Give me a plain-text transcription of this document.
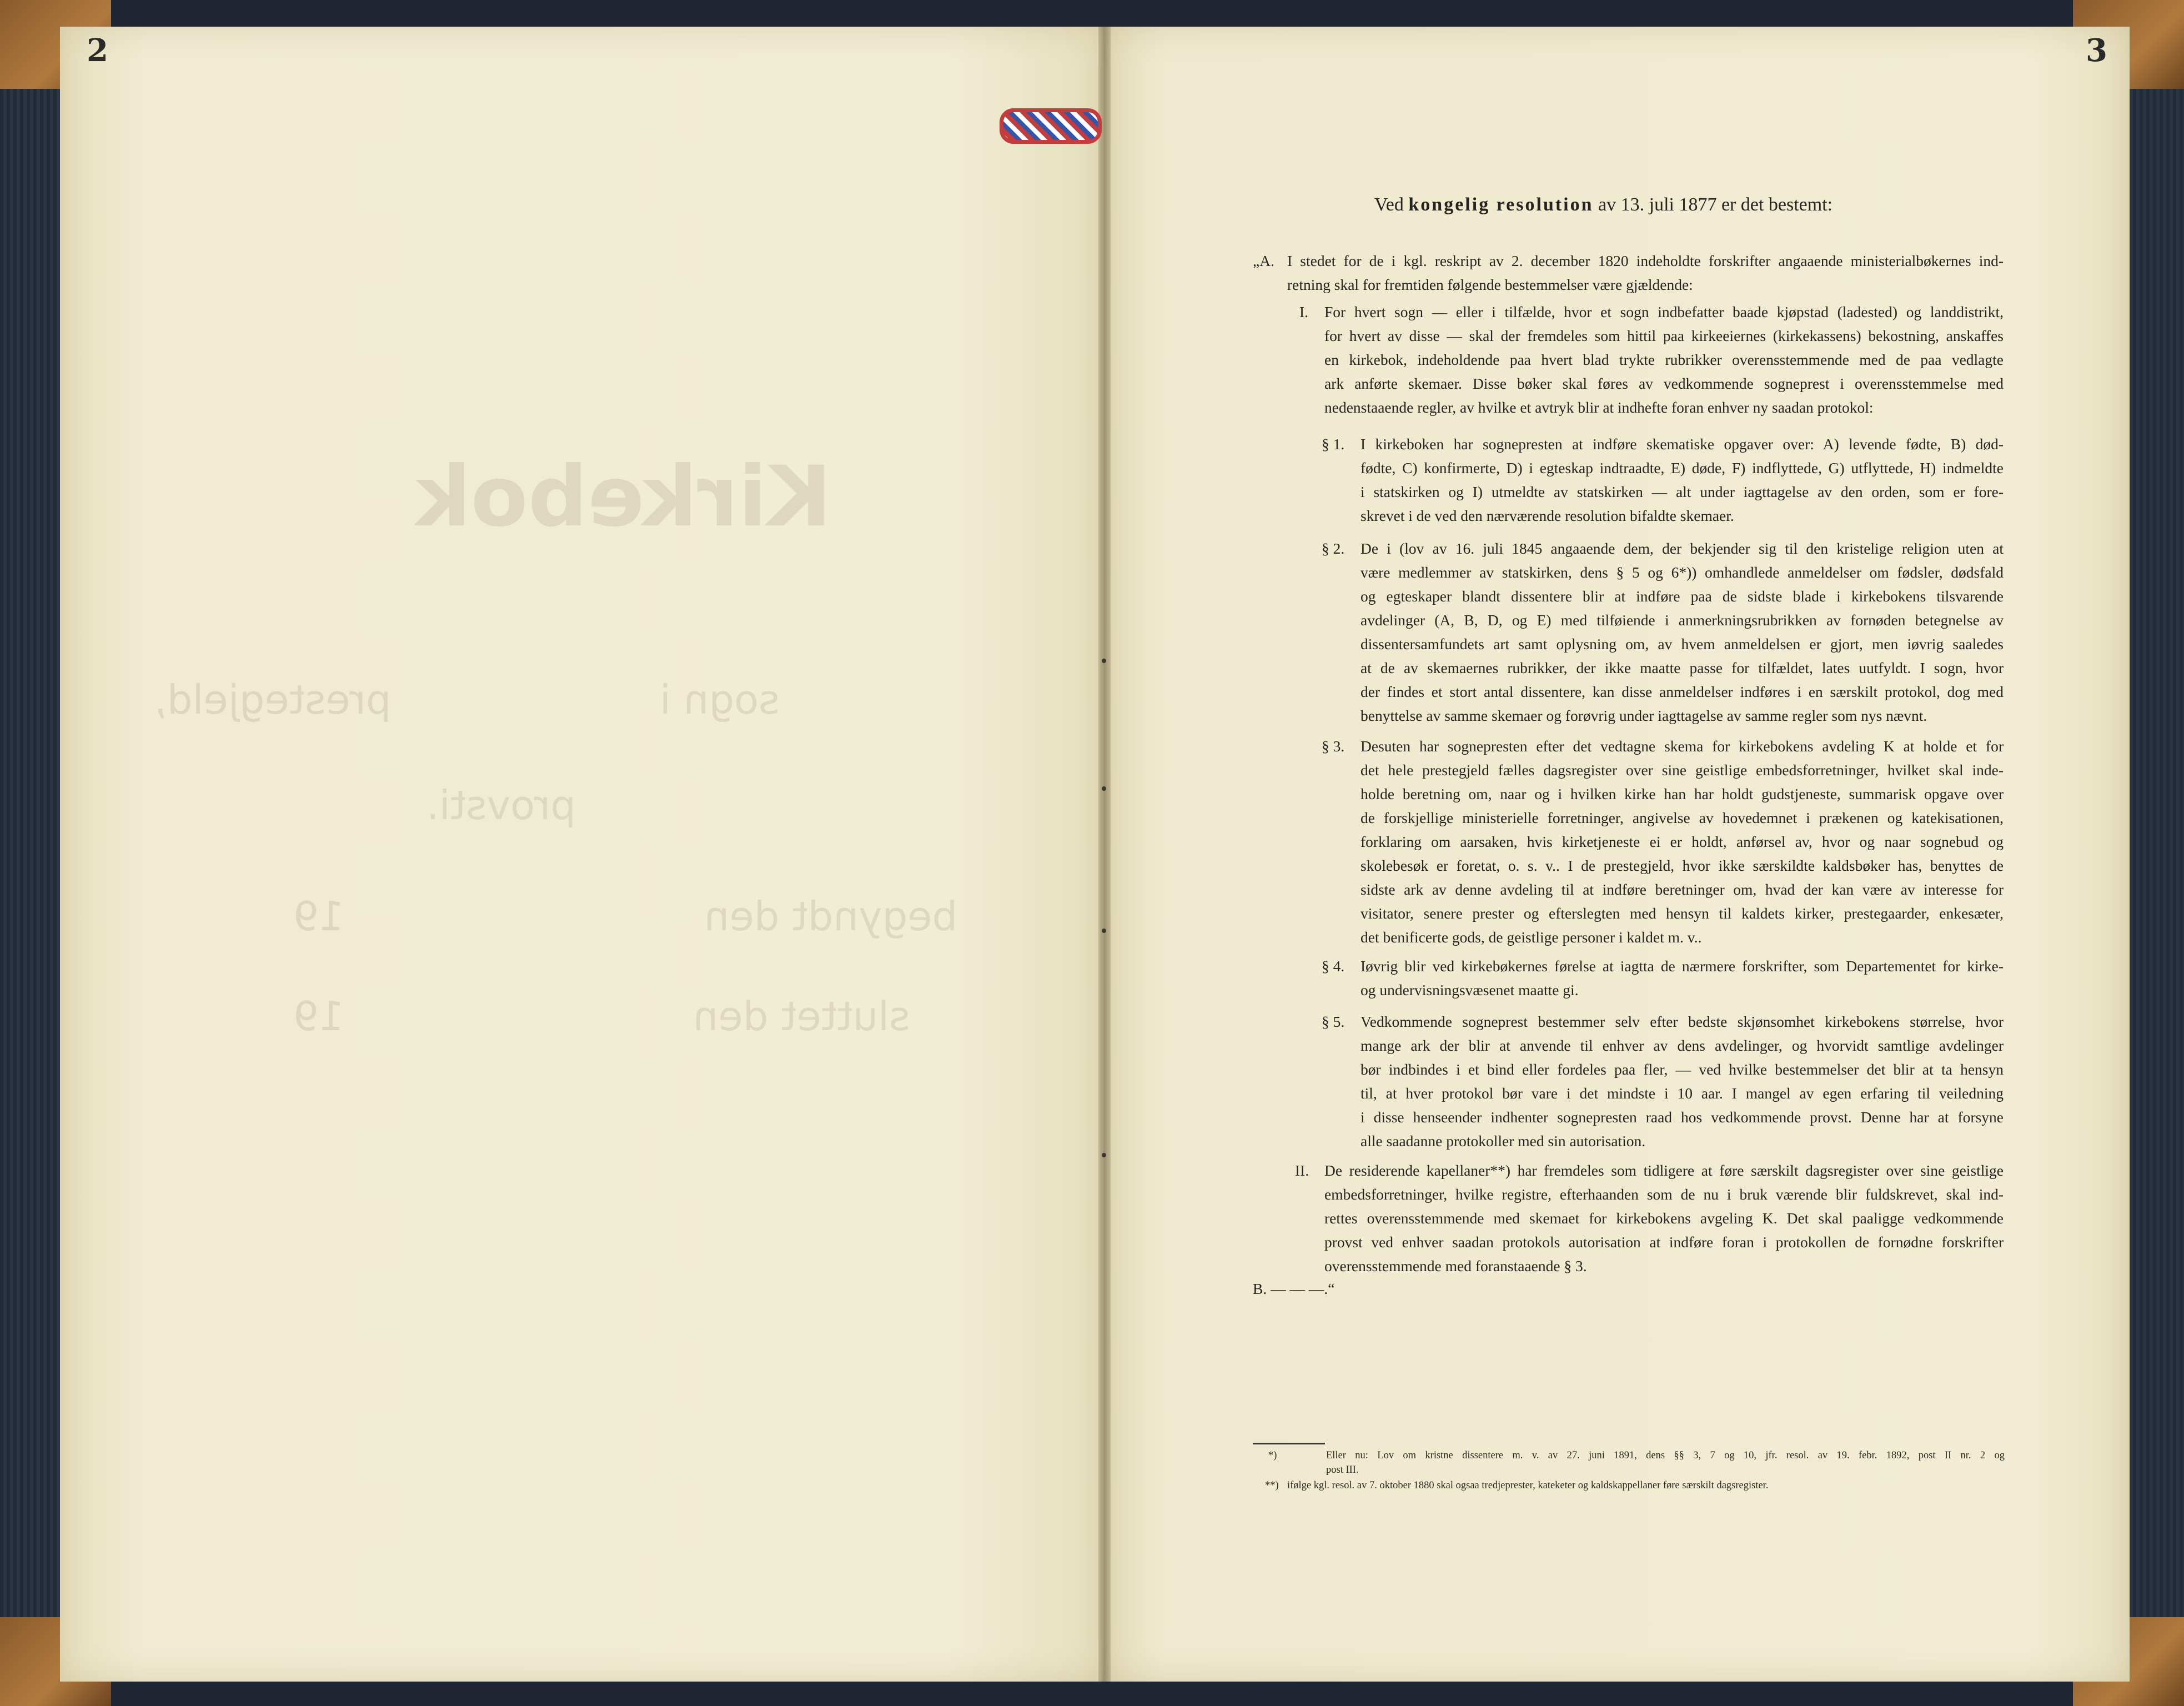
2
Kirkebok
sogn i
prestegjeld,
provsti.
begyndt den
19
sluttet den
19
3
Ved kongelig resolution av 13. juli 1877 er det bestemt:
„A. I stedet for de i kgl. reskript av 2. december 1820 indeholdte forskrifter angaaende ministerialbøkernes ind-
retning skal for fremtiden følgende bestemmelser være gjældende:
I. For hvert sogn — eller i tilfælde, hvor et sogn indbefatter baade kjøpstad (ladested) og landdistrikt,
for hvert av disse — skal der fremdeles som hittil paa kirkeeiernes (kirkekassens) bekostning, anskaffes
en kirkebok, indeholdende paa hvert blad trykte rubrikker overensstemmende med de paa vedlagte
ark anførte skemaer. Disse bøker skal føres av vedkommende sogneprest i overensstemmelse med
nedenstaaende regler, av hvilke et avtryk blir at indhefte foran enhver ny saadan protokol:
§ 1. I kirkeboken har sognepresten at indføre skematiske opgaver over: A) levende fødte, B) død-
fødte, C) konfirmerte, D) i egteskap indtraadte, E) døde, F) indflyttede, G) utflyttede, H) indmeldte
i statskirken og I) utmeldte av statskirken — alt under iagttagelse av den orden, som er fore-
skrevet i de ved den nærværende resolution bifaldte skemaer.
§ 2. De i (lov av 16. juli 1845 angaaende dem, der bekjender sig til den kristelige religion uten at
være medlemmer av statskirken, dens § 5 og 6*)) omhandlede anmeldelser om fødsler, dødsfald
og egteskaper blandt dissentere blir at indføre paa de sidste blade i kirkebokens tilsvarende
avdelinger (A, B, D, og E) med tilføiende i anmerkningsrubrikken av fornøden betegnelse av
dissentersamfundets art samt oplysning om, av hvem anmeldelsen er gjort, men iøvrig saaledes
at de av skemaernes rubrikker, der ikke maatte passe for tilfældet, lates uutfyldt. I sogn, hvor
der findes et stort antal dissentere, kan disse anmeldelser indføres i en særskilt protokol, dog med
benyttelse av samme skemaer og forøvrig under iagttagelse av samme regler som nys nævnt.
§ 3. Desuten har sognepresten efter det vedtagne skema for kirkebokens avdeling K at holde et for
det hele prestegjeld fælles dagsregister over sine geistlige embedsforretninger, hvilket skal inde-
holde beretning om, naar og i hvilken kirke han har holdt gudstjeneste, summarisk opgave over
de forskjellige ministerielle forretninger, angivelse av hovedemnet i prækenen og katekisationen,
forklaring om aarsaken, hvis kirketjeneste ei er holdt, anførsel av, hvor og naar sognebud og
skolebesøk er foretat, o. s. v.. I de prestegjeld, hvor ikke særskildte kaldsbøker has, benyttes de
sidste ark av denne avdeling til at indføre beretninger om, hvad der kan være av interesse for
visitator, senere prester og efterslegten med hensyn til kaldets kirker, prestegaarder, enkesæter,
det benificerte gods, de geistlige personer i kaldet m. v..
§ 4. Iøvrig blir ved kirkebøkernes førelse at iagtta de nærmere forskrifter, som Departementet for kirke-
og undervisningsvæsenet maatte gi.
§ 5. Vedkommende sogneprest bestemmer selv efter bedste skjønsomhet kirkebokens størrelse, hvor
mange ark der blir at anvende til enhver av dens avdelinger, og hvorvidt samtlige avdelinger
bør indbindes i et bind eller fordeles paa fler, — ved hvilke bestemmelser det blir at ta hensyn
til, at hver protokol bør vare i det mindste i 10 aar. I mangel av egen erfaring til veiledning
i disse henseender indhenter sognepresten raad hos vedkommende provst. Denne har at forsyne
alle saadanne protokoller med sin autorisation.
II. De residerende kapellaner**) har fremdeles som tidligere at føre særskilt dagsregister over sine geistlige
embedsforretninger, hvilke registre, efterhaanden som de nu i bruk værende blir fuldskrevet, skal ind-
rettes overensstemmende med skemaet for kirkebokens avgeling K. Det skal paaligge vedkommende
provst ved enhver saadan protokols autorisation at indføre foran i protokollen de fornødne forskrifter
overensstemmende med foranstaaende § 3.
B. — — —.“
*)	Eller nu: Lov om kristne dissentere m. v. av 27. juni 1891, dens §§ 3, 7 og 10, jfr. resol. av 19. febr. 1892, post II nr. 2 og
post III.
**) ifølge kgl. resol. av 7. oktober 1880 skal ogsaa tredjeprester, kateketer og kaldskappellaner føre særskilt dagsregister.
